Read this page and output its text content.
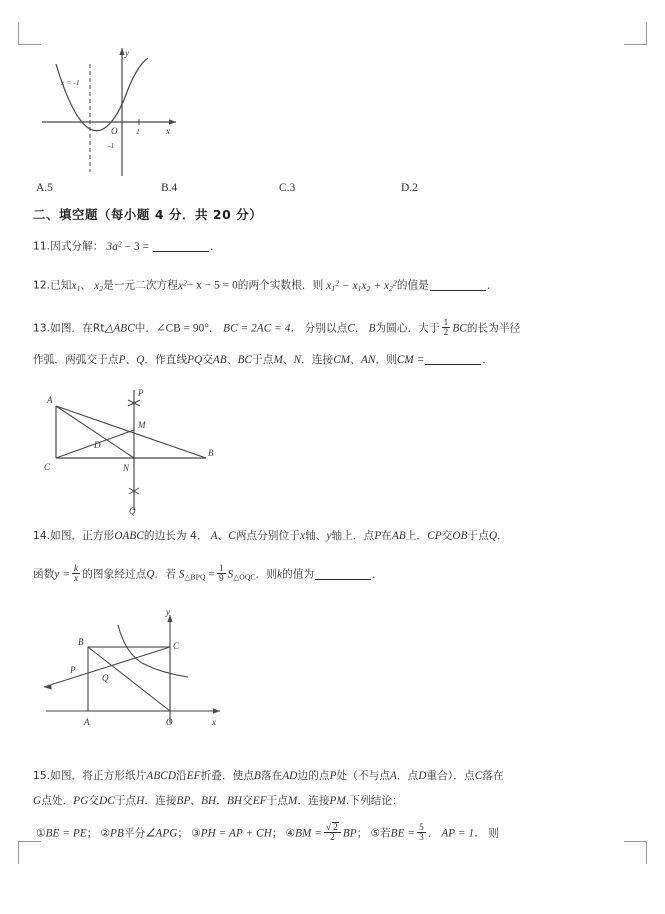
x
y
O 1
-1
x = -1
A.5	B.4	C.3	D.2
二、填空题（每小题 4 分．共 20 分）
11.因式分解： $3a^2 - 3$ =	．
12.已知$x_1$、 $x_2$是一元二次方程$x^2- x - 5 = 0$的两个实数根．则 $x_1^2 - x_1x_2 + x_2^2$的值是	．
13.如图．在Rt△ABC中．∠CB = 90°． BC = 2AC = 4． 分别以点C． B为圆心．大于 $\frac{1}{2}$ BC的长为半径
作弧．两弧交于点P、Q．作直线PQ交AB、BC于点M、N．连接CM、AN．则CM =	．
A
P
M
D
C	N
B
Q
14.如图．正方形OABC的边长为 4． A、C两点分别位于x轴、y轴上．点P在AB上．CP交OB于点Q．
函数$y = \frac{k}{x}$ 的图象经过点Q．若 $S_{\triangle BPQ} = \frac{1}{9} S_{\triangle OQC}$．则k的值为	．
y
B	C
P
Q
A	O	x
15.如图．将正方形纸片ABCD沿EF折叠．使点B落在AD边的点P处（不与点A．点D重合）．点C落在
G点处．PG交DC于点H．连接BP、BH．BH交EF于点M．连接PM.下列结论：
①BE = PE； ②PB平分∠APG； ③PH = AP + CH； ④BM = $\frac{√ 2}{2}$ BP； ⑤若BE = $\frac{5}{3}$ ． AP = 1． 则
